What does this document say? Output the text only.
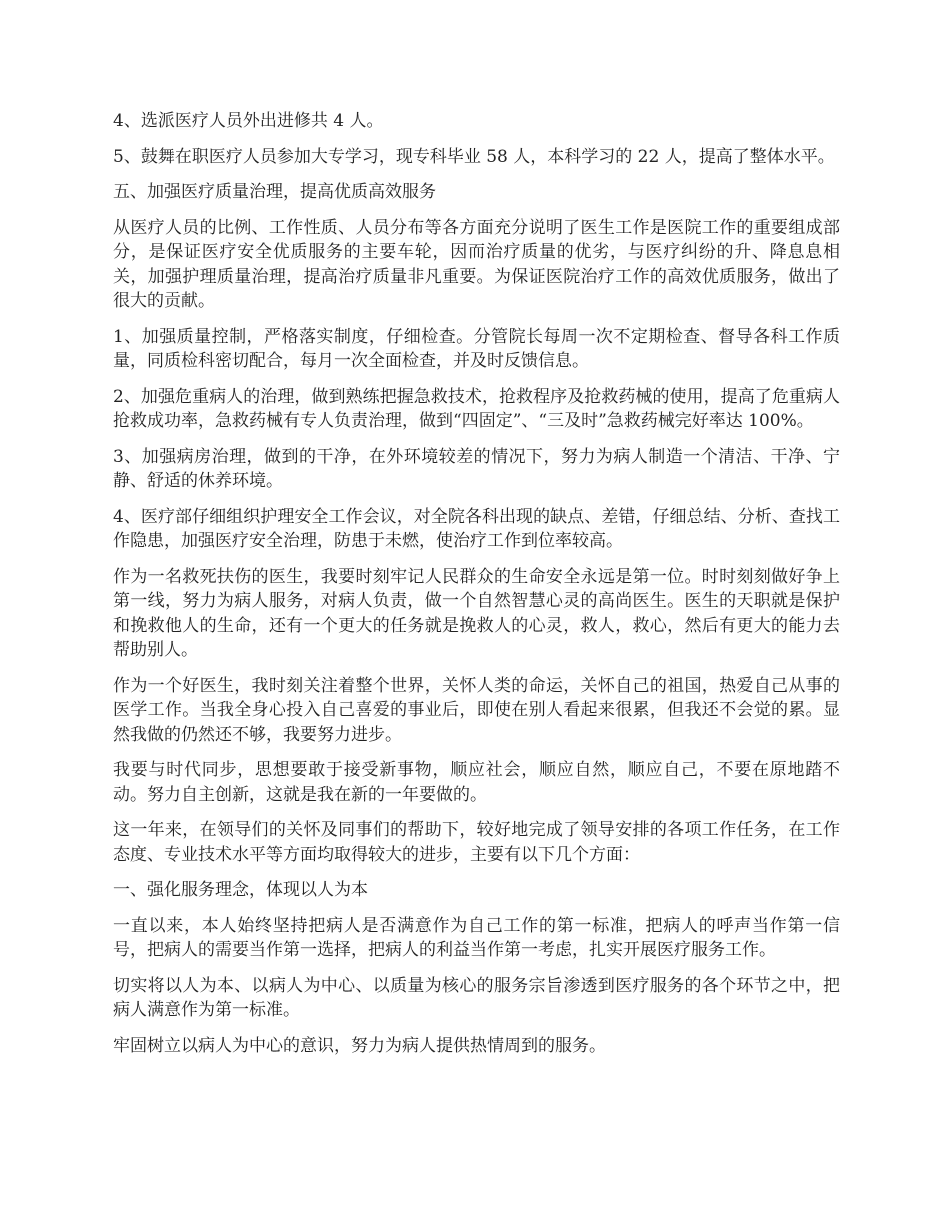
4、选派医疗人员外出进修共 4 人。

5、鼓舞在职医疗人员参加大专学习，现专科毕业 58 人，本科学习的 22 人，提高了整体水平。

五、加强医疗质量治理，提高优质高效服务

从医疗人员的比例、工作性质、人员分布等各方面充分说明了医生工作是医院工作的重要组成部分，是保证医疗安全优质服务的主要车轮，因而治疗质量的优劣，与医疗纠纷的升、降息息相关，加强护理质量治理，提高治疗质量非凡重要。为保证医院治疗工作的高效优质服务，做出了很大的贡献。

1、加强质量控制，严格落实制度，仔细检查。分管院长每周一次不定期检查、督导各科工作质量，同质检科密切配合，每月一次全面检查，并及时反馈信息。

2、加强危重病人的治理，做到熟练把握急救技术，抢救程序及抢救药械的使用，提高了危重病人抢救成功率，急救药械有专人负责治理，做到“四固定”、“三及时”急救药械完好率达 100%。

3、加强病房治理，做到的干净，在外环境较差的情况下，努力为病人制造一个清洁、干净、宁静、舒适的休养环境。

4、医疗部仔细组织护理安全工作会议，对全院各科出现的缺点、差错，仔细总结、分析、查找工作隐患，加强医疗安全治理，防患于未燃，使治疗工作到位率较高。

作为一名救死扶伤的医生，我要时刻牢记人民群众的生命安全永远是第一位。时时刻刻做好争上第一线，努力为病人服务，对病人负责，做一个自然智慧心灵的高尚医生。医生的天职就是保护和挽救他人的生命，还有一个更大的任务就是挽救人的心灵，救人，救心，然后有更大的能力去帮助别人。

作为一个好医生，我时刻关注着整个世界，关怀人类的命运，关怀自己的祖国，热爱自己从事的医学工作。当我全身心投入自己喜爱的事业后，即使在别人看起来很累，但我还不会觉的累。显然我做的仍然还不够，我要努力进步。

我要与时代同步，思想要敢于接受新事物，顺应社会，顺应自然，顺应自己，不要在原地踏不动。努力自主创新，这就是我在新的一年要做的。

这一年来，在领导们的关怀及同事们的帮助下，较好地完成了领导安排的各项工作任务，在工作态度、专业技术水平等方面均取得较大的进步，主要有以下几个方面：

一、强化服务理念，体现以人为本

一直以来，本人始终坚持把病人是否满意作为自己工作的第一标准，把病人的呼声当作第一信号，把病人的需要当作第一选择，把病人的利益当作第一考虑，扎实开展医疗服务工作。

切实将以人为本、以病人为中心、以质量为核心的服务宗旨渗透到医疗服务的各个环节之中，把病人满意作为第一标准。

牢固树立以病人为中心的意识，努力为病人提供热情周到的服务。
